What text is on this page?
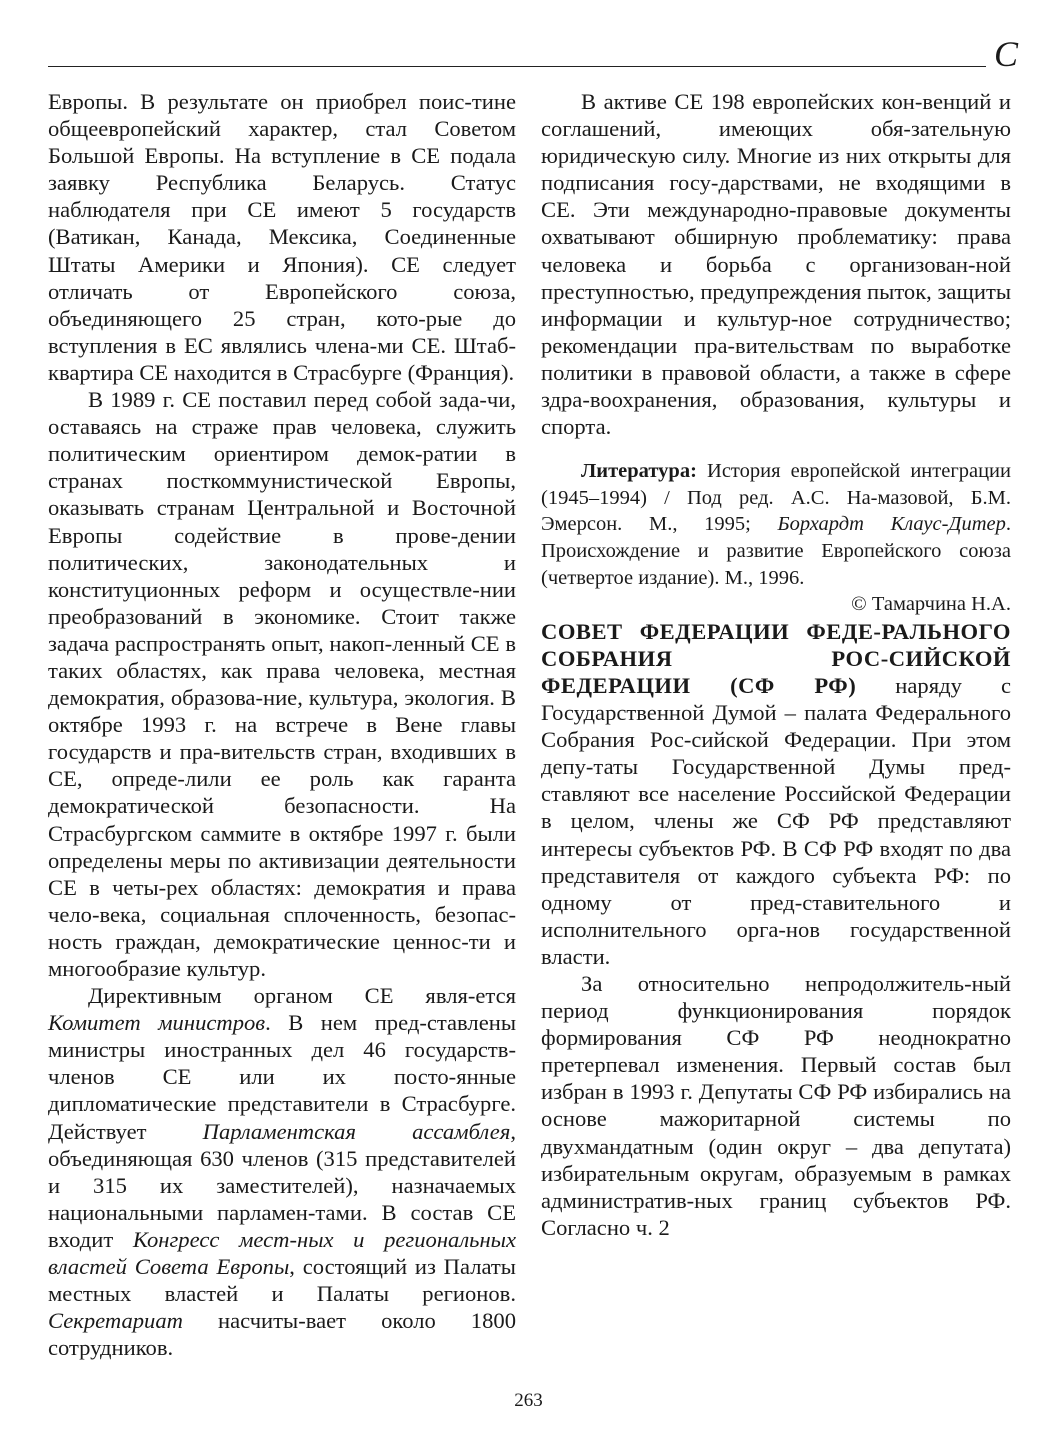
С

Европы. В результате он приобрел поис-тине общеевропейский характер, стал Советом Большой Европы. На вступление в СЕ подала заявку Республика Беларусь. Статус наблюдателя при СЕ имеют 5 государств (Ватикан, Канада, Мексика, Соединенные Штаты Америки и Япония). СЕ следует отличать от Европейского союза, объединяющего 25 стран, кото-рые до вступления в ЕС являлись члена-ми СЕ. Штаб-квартира СЕ находится в Страсбурге (Франция).

В 1989 г. СЕ поставил перед собой зада-чи, оставаясь на страже прав человека, служить политическим ориентиром демок-ратии в странах посткоммунистической Европы, оказывать странам Центральной и Восточной Европы содействие в прове-дении политических, законодательных и конституционных реформ и осуществле-нии преобразований в экономике. Стоит также задача распространять опыт, накоп-ленный СЕ в таких областях, как права человека, местная демократия, образова-ние, культура, экология. В октябре 1993 г. на встрече в Вене главы государств и пра-вительств стран, входивших в СЕ, опреде-лили ее роль как гаранта демократической безопасности. На Страсбургском саммите в октябре 1997 г. были определены меры по активизации деятельности СЕ в четы-рех областях: демократия и права чело-века, социальная сплоченность, безопас-ность граждан, демократические ценнос-ти и многообразие культур.

Директивным органом СЕ явля-ется Комитет министров. В нем пред-ставлены министры иностранных дел 46 государств-членов СЕ или их посто-янные дипломатические представители в Страсбурге. Действует Парламентская ассамблея, объединяющая 630 членов (315 представителей и 315 их заместителей), назначаемых национальными парламен-тами. В состав СЕ входит Конгресс мест-ных и региональных властей Совета Европы, состоящий из Палаты местных властей и Палаты регионов. Секретариат насчиты-вает около 1800 сотрудников.

В активе СЕ 198 европейских кон-венций и соглашений, имеющих обя-зательную юридическую силу. Многие из них открыты для подписания госу-дарствами, не входящими в СЕ. Эти международно-правовые документы охватывают обширную проблематику: права человека и борьба с организован-ной преступностью, предупреждения пыток, защиты информации и культур-ное сотрудничество; рекомендации пра-вительствам по выработке политики в правовой области, а также в сфере здра-воохранения, образования, культуры и спорта.

Литература: История европейской интеграции (1945–1994) / Под ред. А.С. На-мазовой, Б.М. Эмерсон. М., 1995; Борхардт Клаус-Дитер. Происхождение и развитие Европейского союза (четвертое издание). М., 1996.

© Тамарчина Н.А.

СОВЕТ ФЕДЕРАЦИИ ФЕДЕ-РАЛЬНОГО СОБРАНИЯ РОС-СИЙСКОЙ ФЕДЕРАЦИИ (СФ РФ) наряду с Государственной Думой – палата Федерального Собрания Рос-сийской Федерации. При этом депу-таты Государственной Думы пред-ставляют все население Российской Федерации в целом, члены же СФ РФ представляют интересы субъектов РФ. В СФ РФ входят по два представителя от каждого субъекта РФ: по одному от пред-ставительного и исполнительного орга-нов государственной власти.

За относительно непродолжитель-ный период функционирования порядок формирования СФ РФ неоднократно претерпевал изменения. Первый состав был избран в 1993 г. Депутаты СФ РФ избирались на основе мажоритарной системы по двухмандатным (один округ – два депутата) избирательным округам, образуемым в рамках административ-ных границ субъектов РФ. Согласно ч. 2

263
